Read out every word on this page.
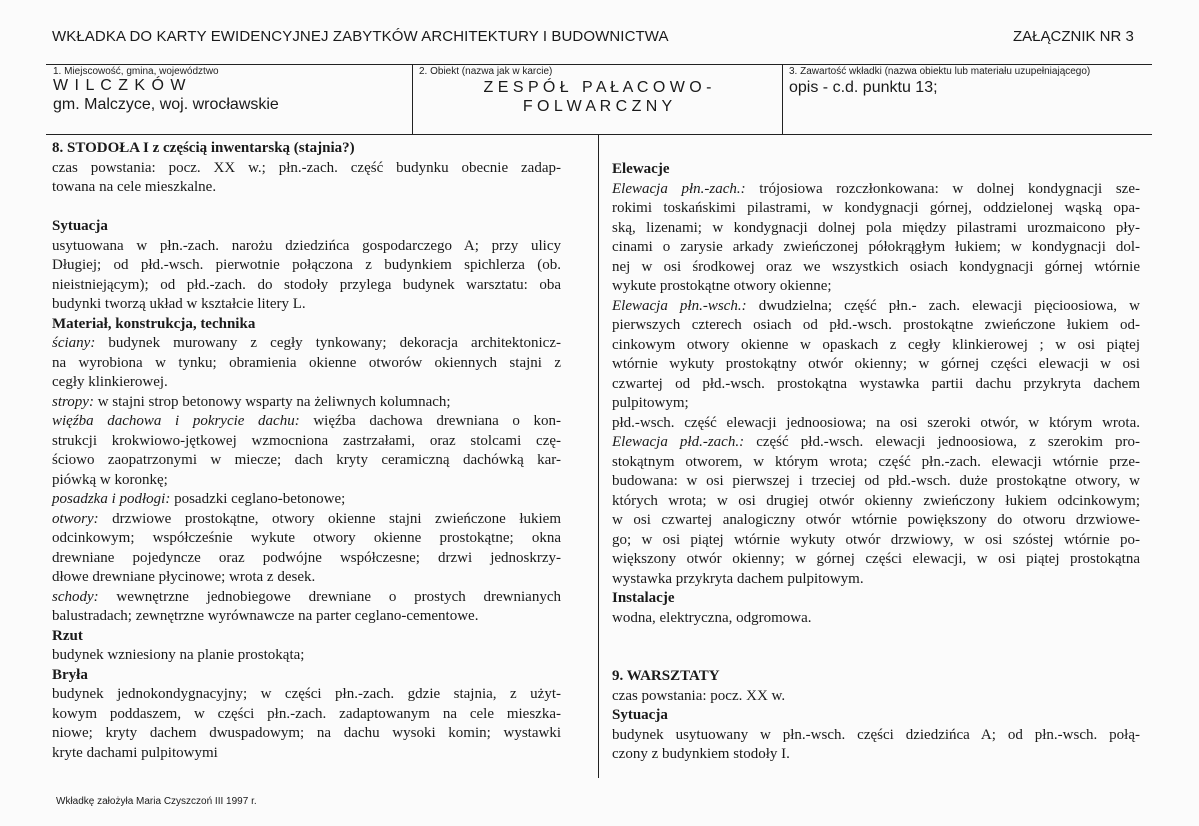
WKŁADKA DO KARTY EWIDENCYJNEJ ZABYTKÓW ARCHITEKTURY I BUDOWNICTWA	ZAŁĄCZNIK NR 3
1. Miejscowość, gmina, województwo
W I L C Z K Ó W
gm. Malczyce, woj. wrocławskie
2. Obiekt (nazwa jak w karcie)
Z E S P Ó Ł   P A Ł A C O W O -
F O L W A R C Z N Y
3. Zawartość wkładki (nazwa obiektu lub materiału uzupełniającego)
opis - c.d. punktu 13;
8. STODOŁA I z częścią inwentarską (stajnia?)
czas powstania: pocz. XX w.; płn.-zach. część budynku obecnie zadap-
towana na cele mieszkalne.
Sytuacja
usytuowana w płn.-zach. narożu dziedzińca gospodarczego A; przy ulicy
Długiej; od płd.-wsch. pierwotnie połączona z budynkiem spichlerza (ob.
nieistniejącym); od płd.-zach. do stodoły przylega budynek warsztatu: oba
budynki tworzą układ w kształcie litery L.
Materiał, konstrukcja, technika
ściany: budynek murowany z cegły tynkowany; dekoracja architektonicz-
na wyrobiona w tynku; obramienia okienne otworów okiennych stajni z
cegły klinkierowej.
stropy: w stajni strop betonowy wsparty na żeliwnych kolumnach;
więźba dachowa i pokrycie dachu: więźba dachowa drewniana o kon-
strukcji krokwiowo-jętkowej wzmocniona zastrzałami, oraz stolcami czę-
ściowo zaopatrzonymi w miecze; dach kryty ceramiczną dachówką kar-
piówką w koronkę;
posadzka i podłogi: posadzki ceglano-betonowe;
otwory: drzwiowe prostokątne, otwory okienne stajni zwieńczone łukiem
odcinkowym; współcześnie wykute otwory okienne prostokątne; okna
drewniane pojedyncze oraz podwójne współczesne; drzwi jednoskrzy-
dłowe drewniane płycinowe; wrota z desek.
schody: wewnętrzne jednobiegowe drewniane o prostych drewnianych
balustradach; zewnętrzne wyrównawcze na parter ceglano-cementowe.
Rzut
budynek wzniesiony na planie prostokąta;
Bryła
budynek jednokondygnacyjny; w części płn.-zach. gdzie stajnia, z użyt-
kowym poddaszem, w części płn.-zach. zadaptowanym na cele mieszka-
niowe; kryty dachem dwuspadowym; na dachu wysoki komin; wystawki
kryte dachami pulpitowymi
Elewacje
Elewacja płn.-zach.: trójosiowa rozczłonkowana: w dolnej kondygnacji sze-
rokimi toskańskimi pilastrami, w kondygnacji górnej, oddzielonej wąską opa-
ską, lizenami; w kondygnacji dolnej pola między pilastrami urozmaicono pły-
cinami o zarysie arkady zwieńczonej półokrągłym łukiem; w kondygnacji dol-
nej w osi środkowej oraz we wszystkich osiach kondygnacji górnej wtórnie
wykute prostokątne otwory okienne;
Elewacja płn.-wsch.: dwudzielna; część płn.- zach. elewacji pięcioosiowa, w
pierwszych czterech osiach od płd.-wsch. prostokątne zwieńczone łukiem od-
cinkowym otwory okienne w opaskach z cegły klinkierowej ; w osi piątej
wtórnie wykuty prostokątny otwór okienny; w górnej części elewacji w osi
czwartej od płd.-wsch. prostokątna wystawka partii dachu przykryta dachem
pulpitowym;
płd.-wsch. część elewacji jednoosiowa; na osi szeroki otwór, w którym wrota.
Elewacja płd.-zach.: część płd.-wsch. elewacji jednoosiowa, z szerokim pro-
stokątnym otworem, w którym wrota; część płn.-zach. elewacji wtórnie prze-
budowana: w osi pierwszej i trzeciej od płd.-wsch. duże prostokątne otwory, w
których wrota; w osi drugiej otwór okienny zwieńczony łukiem odcinkowym;
w osi czwartej analogiczny otwór wtórnie powiększony do otworu drzwiowe-
go; w osi piątej wtórnie wykuty otwór drzwiowy, w osi szóstej wtórnie po-
większony otwór okienny; w górnej części elewacji, w osi piątej prostokątna
wystawka przykryta dachem pulpitowym.
Instalacje
wodna, elektryczna, odgromowa.
9. WARSZTATY
czas powstania: pocz. XX w.
Sytuacja
budynek usytuowany w płn.-wsch. części dziedzińca A; od płn.-wsch. połą-
czony z budynkiem stodoły I.
Wkładkę założyła Maria Czyszczoń III 1997 r.
